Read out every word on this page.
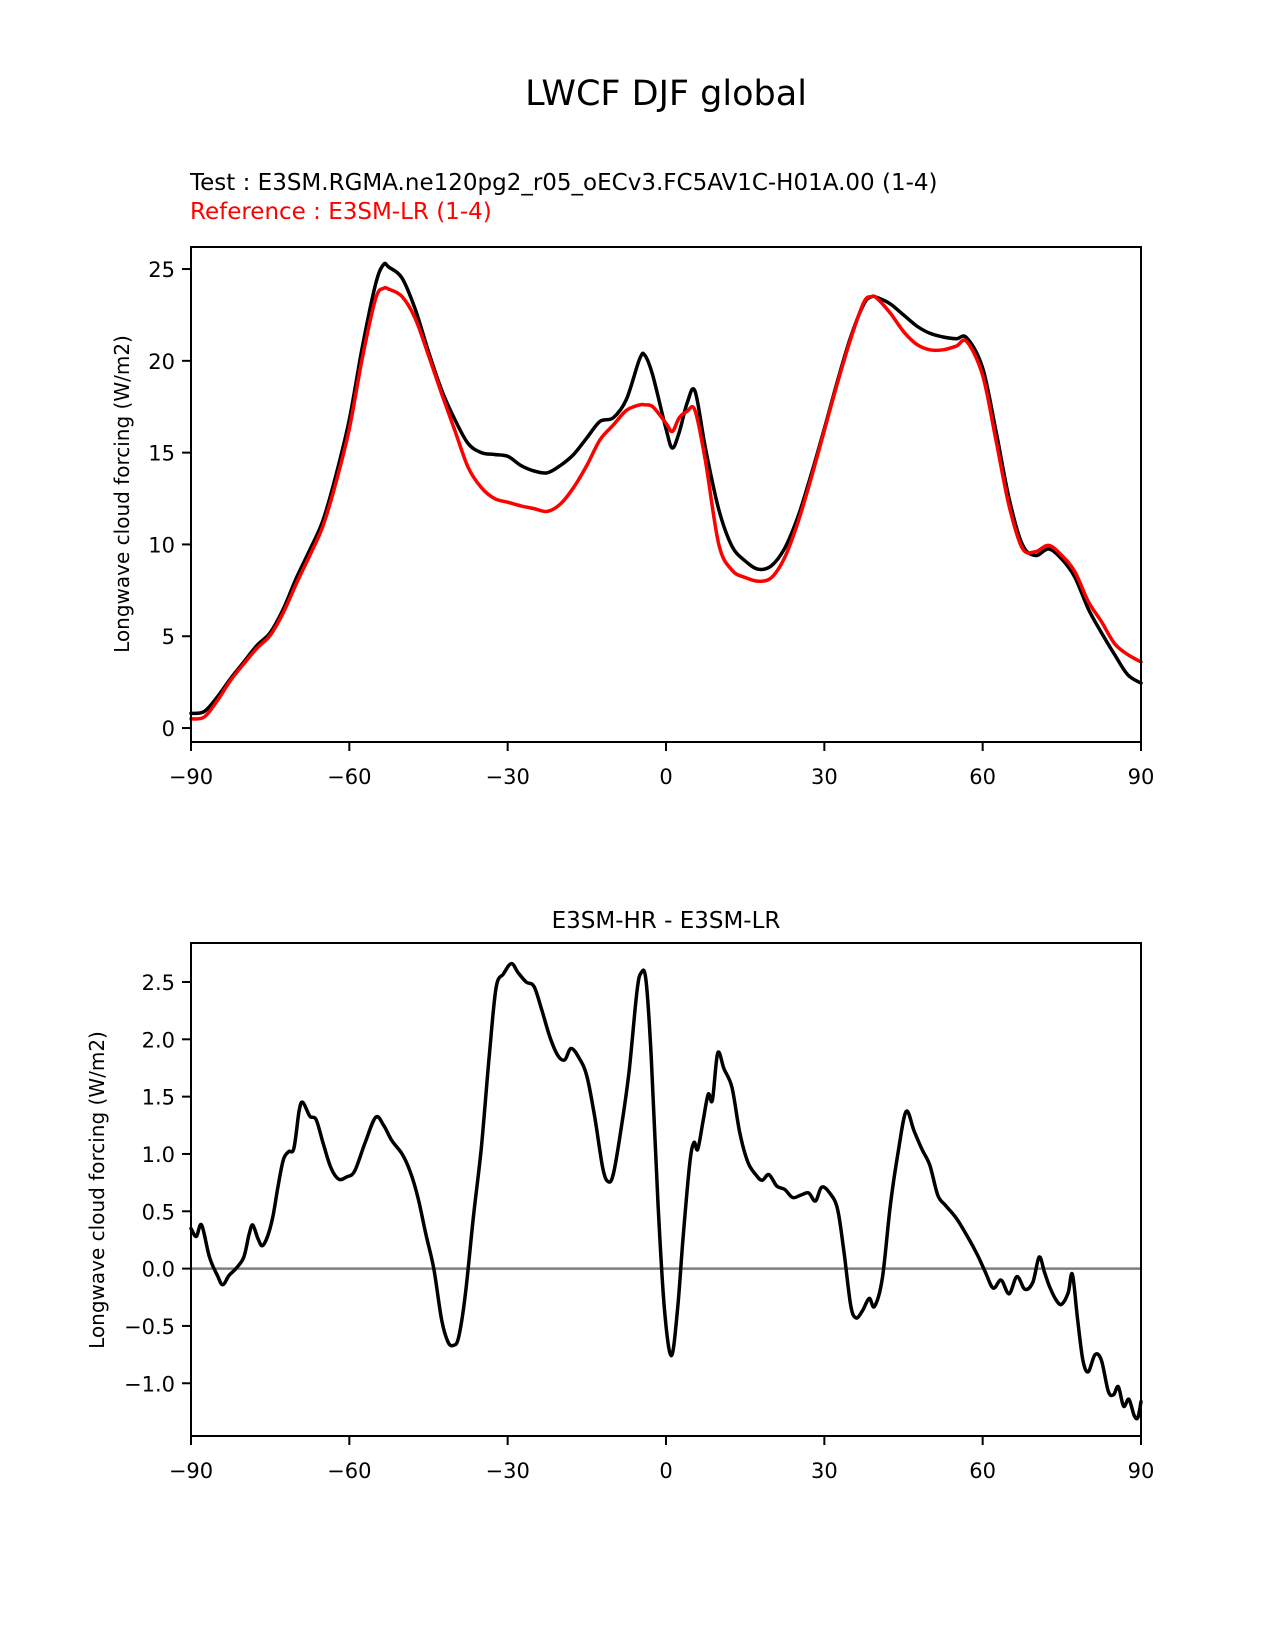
−90	−60	−30	0	30	60	90
0
5
10
15
20
25
−90	−60	−30	0	30	60	90
−1.0
−0.5
0.0
0.5
1.0
1.5
2.0
2.5
LWCF DJF global
Test : E3SM.RGMA.ne120pg2_r05_oECv3.FC5AV1C-H01A.00 (1-4)
Reference : E3SM-LR (1-4)
E3SM-HR - E3SM-LR
Longwave cloud forcing (W/m2)
Longwave cloud forcing (W/m2)
